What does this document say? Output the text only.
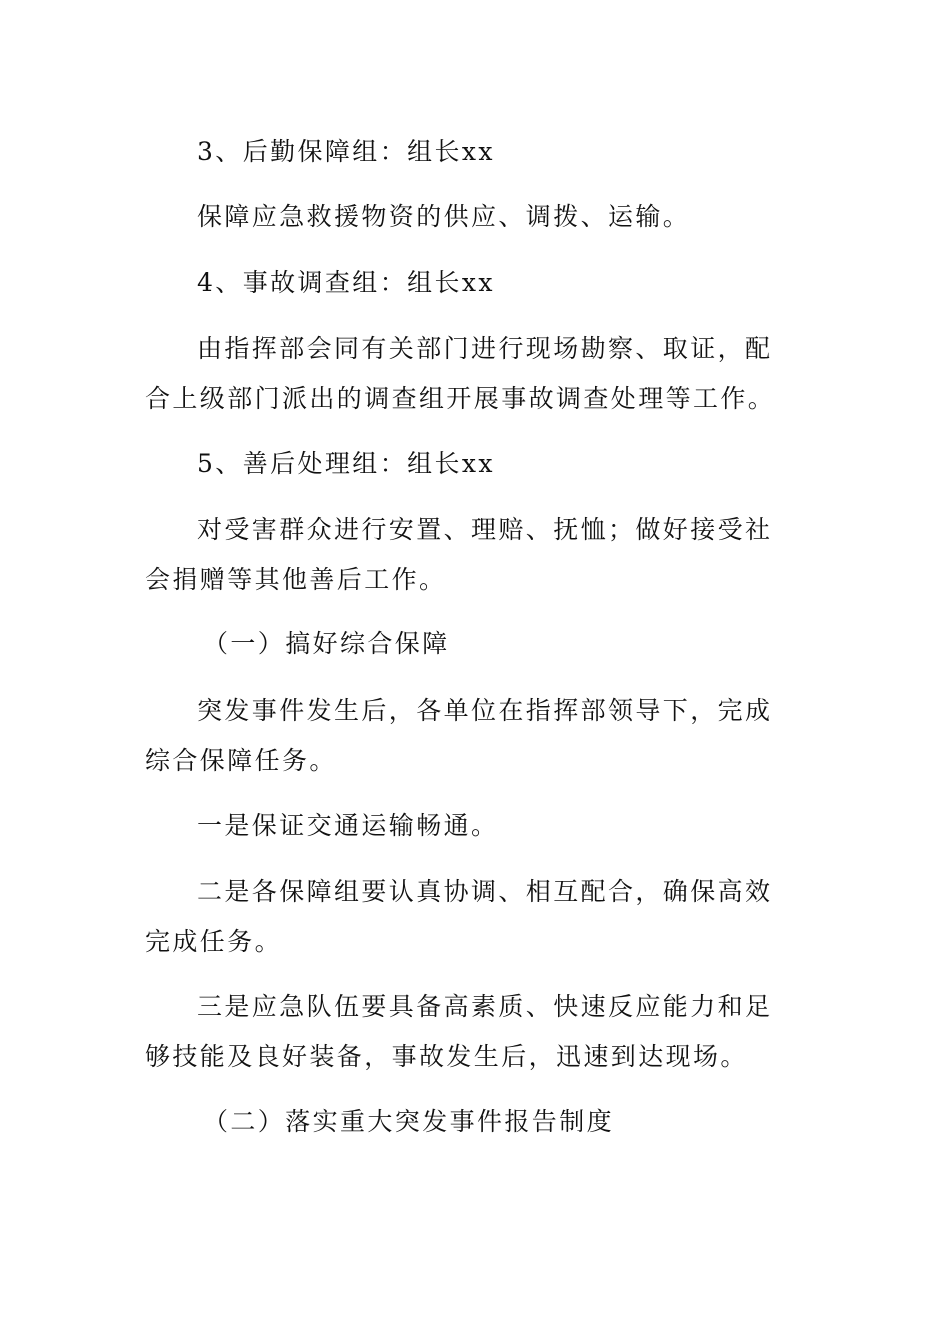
3、后勤保障组：组长xx
保障应急救援物资的供应、调拨、运输。
4、事故调查组：组长xx
由指挥部会同有关部门进行现场勘察、取证，配合上级部门派出的调查组开展事故调查处理等工作。
5、善后处理组：组长xx
对受害群众进行安置、理赔、抚恤；做好接受社会捐赠等其他善后工作。
（一）搞好综合保障
突发事件发生后，各单位在指挥部领导下，完成综合保障任务。
一是保证交通运输畅通。
二是各保障组要认真协调、相互配合，确保高效完成任务。
三是应急队伍要具备高素质、快速反应能力和足够技能及良好装备，事故发生后，迅速到达现场。
（二）落实重大突发事件报告制度
